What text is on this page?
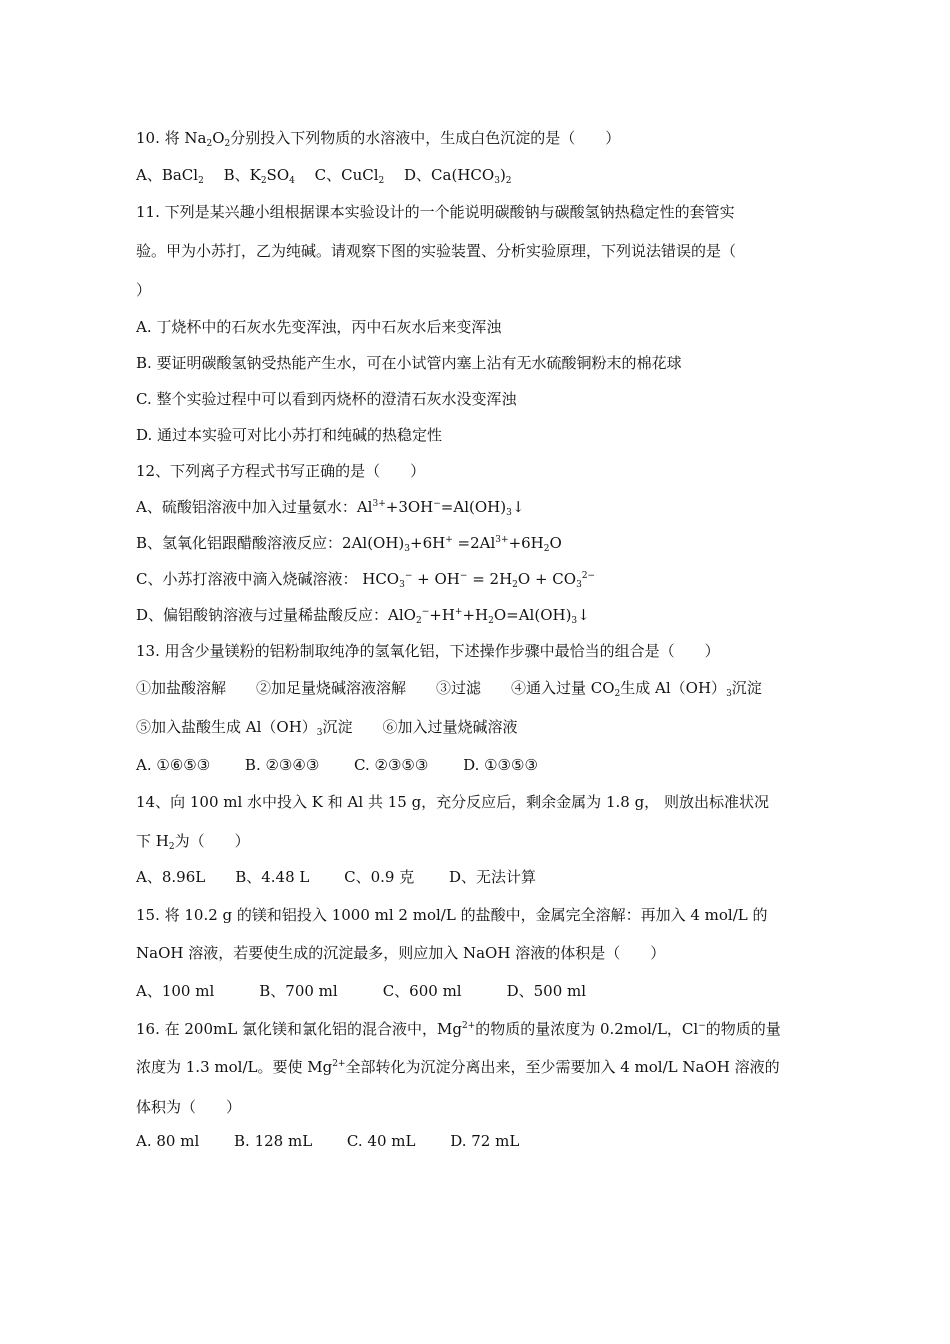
10. 将 $Na_2O_2$分别投入下列物质的水溶液中，生成白色沉淀的是（　　）
A、BaCl$_2$　 B、$K_2SO_4$　 C、CuCl$_2$　 D、$Ca(HCO_3)_2$
11. 下列是某兴趣小组根据课本实验设计的一个能说明碳酸钠与碳酸氢钠热稳定性的套管实
验。甲为小苏打，乙为纯碱。请观察下图的实验装置、分析实验原理，下列说法错误的是（
）
A. 丁烧杯中的石灰水先变浑浊，丙中石灰水后来变浑浊
B. 要证明碳酸氢钠受热能产生水，可在小试管内塞上沾有无水硫酸铜粉末的棉花球
C. 整个实验过程中可以看到丙烧杯的澄清石灰水没变浑浊
D. 通过本实验可对比小苏打和纯碱的热稳定性
12、下列离子方程式书写正确的是（　　）
A、硫酸铝溶液中加入过量氨水：$Al^{3+}+3OH^-=Al(OH)_3↓$
B、氢氧化铝跟醋酸溶液反应：$2Al(OH)_3+6H^+ =2Al^{3+}+6H_2O$
C、小苏打溶液中滴入烧碱溶液： $HCO_3^- + OH^- = 2H_2O + CO_3^{2-}$
D、偏铝酸钠溶液与过量稀盐酸反应：$AlO_2^-+H^++H_2O=Al(OH)_3↓$
13. 用含少量镁粉的铝粉制取纯净的氢氧化铝，下述操作步骤中最恰当的组合是（　　）
①加盐酸溶解　　②加足量烧碱溶液溶解　　③过滤　　④通入过量 $CO_2$生成 $Al(OH)_3$沉淀
⑤加入盐酸生成 $Al(OH)_3$沉淀　　⑥加入过量烧碱溶液
A. ①⑥⑤③　　 B. ②③④③　　 C. ②③⑤③　　 D. ①③⑤③
14、向 100 ml 水中投入 K 和 Al 共 15 g，充分反应后，剩余金属为 1.8 g， 则放出标准状况
下 $H_2$为（　　）
A、8.96L　　B、4.48 L　　 C、0.9 克　　 D、无法计算
15. 将 10.2 g 的镁和铝投入 1000 ml 2 mol/L 的盐酸中，金属完全溶解：再加入 4 mol/L 的
NaOH 溶液，若要使生成的沉淀最多，则应加入 NaOH 溶液的体积是（　　）
A、100 ml　　　B、700 ml　　　C、600 ml　　　D、500 ml
16. 在 200mL 氯化镁和氯化铝的混合液中，$Mg^{2+}$的物质的量浓度为 0.2mol/L，Cl−的物质的量
浓度为 1.3 mol/L。要使 $Mg^{2+}$全部转化为沉淀分离出来，至少需要加入 4 mol/L NaOH 溶液的
体积为（　　）
A. 80 ml　　 B. 128 mL　　 C. 40 mL　　 D. 72 mL
